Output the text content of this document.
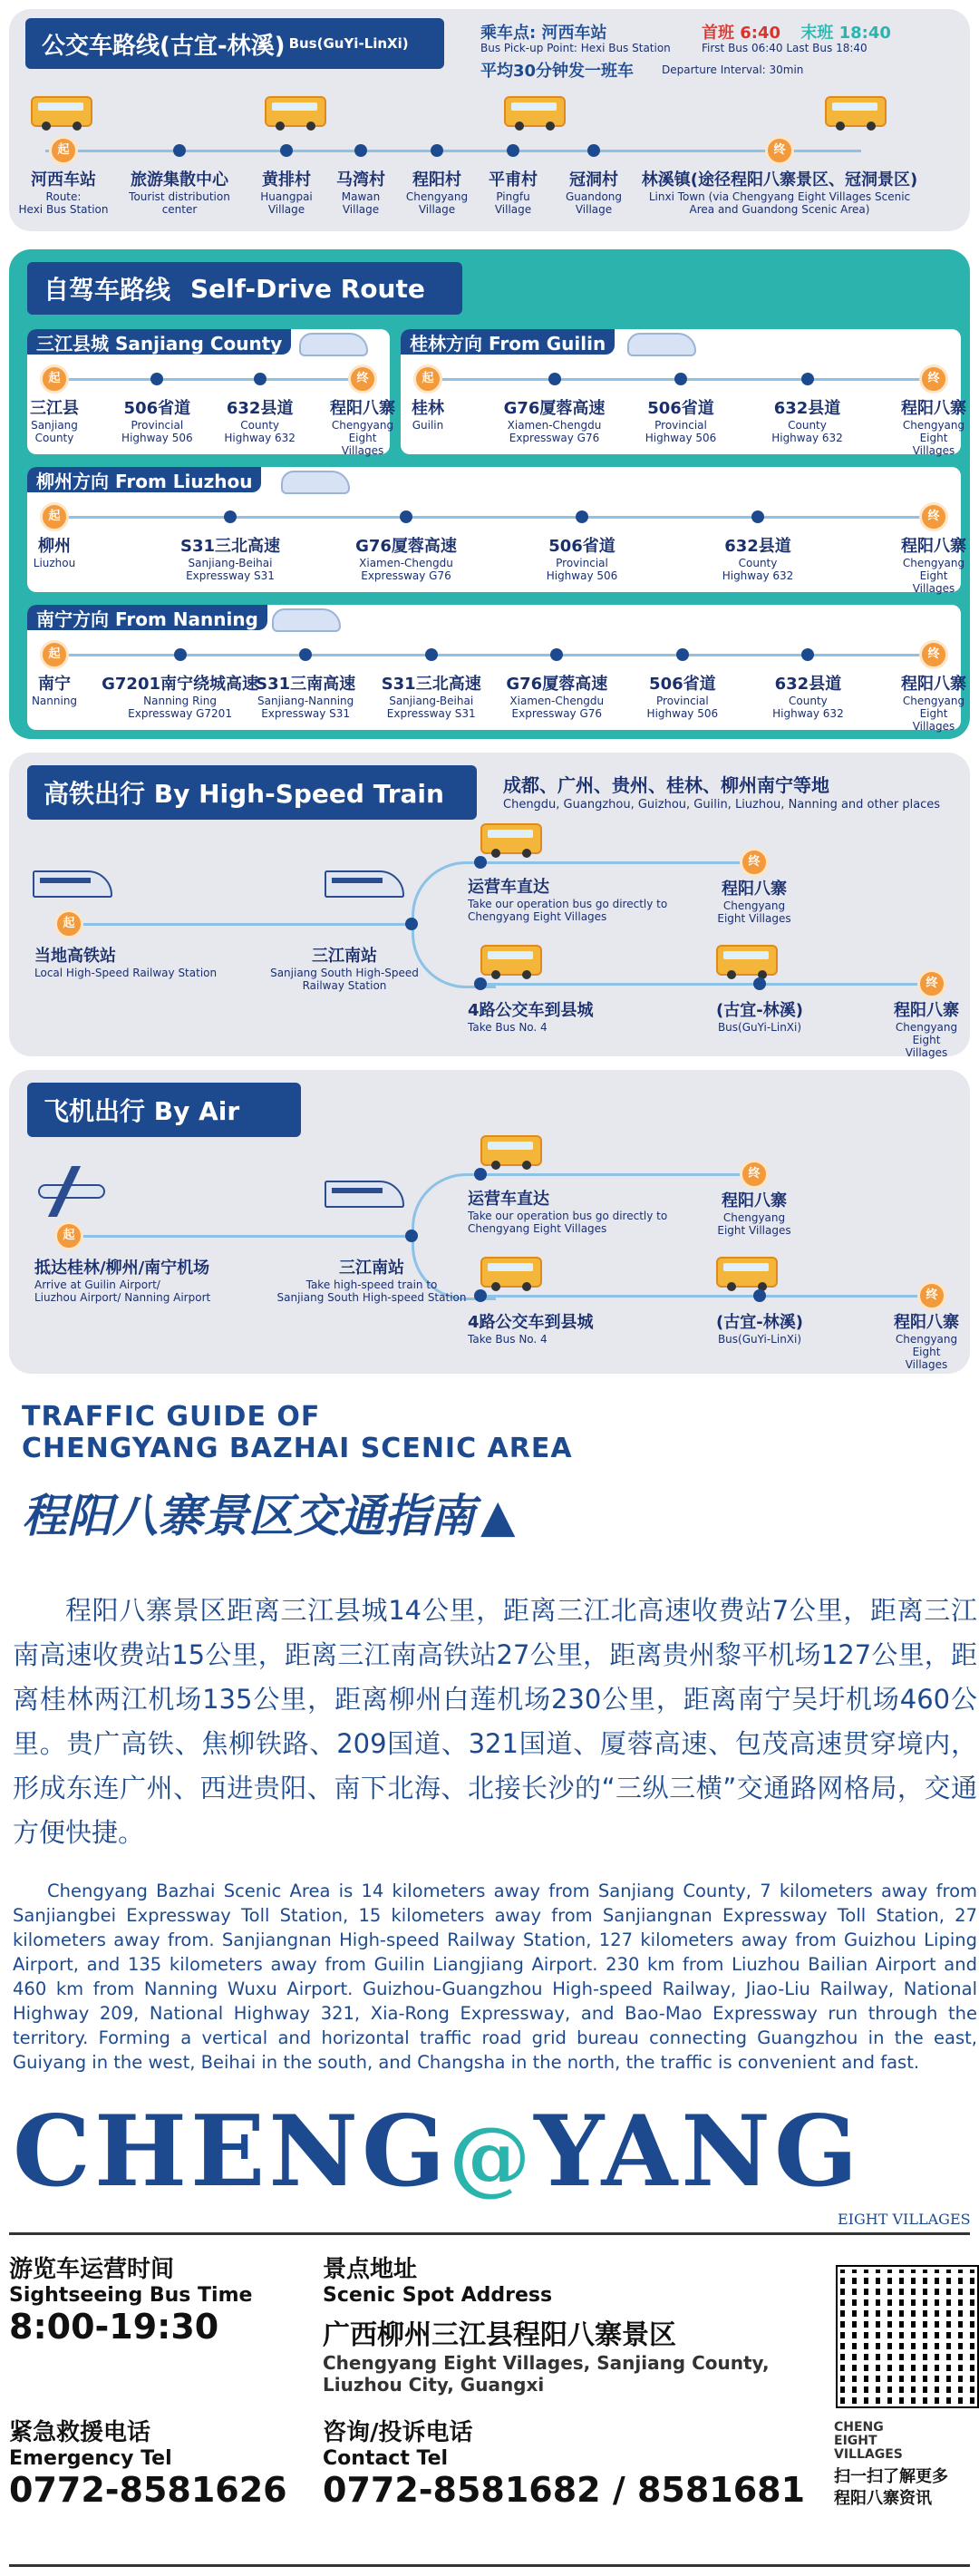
公交车路线(古宜-林溪) Bus(GuYi-LinXi)
乘车点: 河西车站
Bus Pick-up Point: Hexi Bus Station
首班 6:40 末班 18:40
First Bus 06:40 Last Bus 18:40
平均30分钟发一班车	Departure Interval: 30min
起
河西车站
Route:
Hexi Bus Station
旅游集散中心
Tourist distribution
center
黄排村
Huangpai
Village
马湾村
Mawan
Village
程阳村
Chengyang
Village
平甫村
Pingfu
Village
冠洞村
Guandong
Village
终
林溪镇(途径程阳八寨景区、冠洞景区)
Linxi Town (via Chengyang Eight Villages Scenic
Area and Guandong Scenic Area)
自驾车路线 Self-Drive Route
三江县城 Sanjiang County
起
三江县
Sanjiang
County
506省道
Provincial
Highway 506
632县道
County
Highway 632
终
程阳八寨
Chengyang
Eight Villages
桂林方向 From Guilin
起
桂林
Guilin
G76厦蓉高速
Xiamen-Chengdu
Expressway G76
506省道
Provincial
Highway 506
632县道
County
Highway 632
终
程阳八寨
Chengyang
Eight Villages
柳州方向 From Liuzhou
起
柳州
Liuzhou
S31三北高速
Sanjiang-Beihai
Expressway S31
G76厦蓉高速
Xiamen-Chengdu
Expressway G76
506省道
Provincial
Highway 506
632县道
County
Highway 632
终
程阳八寨
Chengyang
Eight Villages
南宁方向 From Nanning
起
南宁
Nanning
G7201南宁绕城高速
Nanning Ring
Expressway G7201
S31三南高速
Sanjiang-Nanning
Expressway S31
S31三北高速
Sanjiang-Beihai
Expressway S31
G76厦蓉高速
Xiamen-Chengdu
Expressway G76
506省道
Provincial
Highway 506
632县道
County
Highway 632
终
程阳八寨
Chengyang
Eight Villages
高铁出行 By High-Speed Train	成都、广州、贵州、桂林、柳州南宁等地
Chengdu, Guangzhou, Guizhou, Guilin, Liuzhou, Nanning and other places
起
终
终
当地高铁站
Local High-Speed Railway Station
三江南站
Sanjiang South High-Speed
Railway Station
运营车直达
Take our operation bus go directly to
Chengyang Eight Villages
程阳八寨
Chengyang
Eight Villages
4路公交车到县城
Take Bus No. 4
(古宜-林溪)
Bus(GuYi-LinXi)
程阳八寨
Chengyang
Eight Villages
飞机出行 By Air
起
终
终
抵达桂林/柳州/南宁机场
Arrive at Guilin Airport/
Liuzhou Airport/ Nanning Airport
三江南站
Take high-speed train to
Sanjiang South High-speed Station
运营车直达
Take our operation bus go directly to
Chengyang Eight Villages
程阳八寨
Chengyang
Eight Villages
4路公交车到县城
Take Bus No. 4
(古宜-林溪)
Bus(GuYi-LinXi)
程阳八寨
Chengyang
Eight Villages
TRAFFIC GUIDE OF
CHENGYANG BAZHAI SCENIC AREA
程阳八寨景区交通指南 ▲
程阳八寨景区距离三江县城14公里，距离三江北高速收费站7公里，距离三江南高速收费站15公里，距离三江南高铁站27公里，距离贵州黎平机场127公里，距离桂林两江机场135公里，距离柳州白莲机场230公里，距离南宁吴圩机场460公里。贵广高铁、焦柳铁路、209国道、321国道、厦蓉高速、包茂高速贯穿境内，形成东连广州、西进贵阳、南下北海、北接长沙的“三纵三横”交通路网格局，交通方便快捷。
Chengyang Bazhai Scenic Area is 14 kilometers away from Sanjiang County, 7 kilometers away from Sanjiangbei Expressway Toll Station, 15 kilometers away from Sanjiangnan Expressway Toll Station, 27 kilometers away from. Sanjiangnan High-speed Railway Station, 127 kilometers away from Guizhou Liping Airport, and 135 kilometers away from Guilin Liangjiang Airport. 230 km from Liuzhou Bailian Airport and 460 km from Nanning Wuxu Airport. Guizhou-Guangzhou High-speed Railway, Jiao-Liu Railway, National Highway 209, National Highway 321, Xia-Rong Expressway, and Bao-Mao Expressway run through the territory. Forming a vertical and horizontal traffic road grid bureau connecting Guangzhou in the east, Guiyang in the west, Beihai in the south, and Changsha in the north, the traffic is convenient and fast.
CHENG@YANG
EIGHT VILLAGES
游览车运营时间
Sightseeing Bus Time
8:00-19:30
景点地址
Scenic Spot Address
广西柳州三江县程阳八寨景区
Chengyang Eight Villages, Sanjiang County,
Liuzhou City, Guangxi
紧急救援电话
Emergency Tel
0772-8581626
咨询/投诉电话
Contact Tel
0772-8581682 / 8581681
CHENG
EIGHT
VILLAGES
扫一扫了解更多
程阳八寨资讯
